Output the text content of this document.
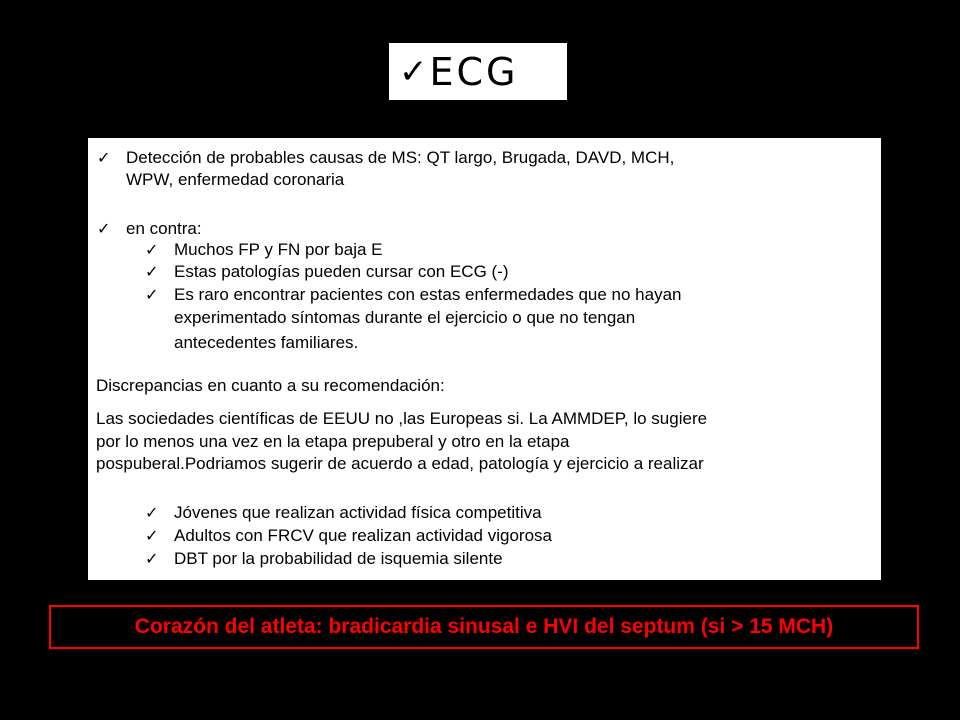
✓ ECG
✓ Detección de probables causas de MS: QT largo, Brugada, DAVD, MCH,
WPW, enfermedad coronaria
✓ en contra:
✓ Muchos FP y FN por baja E
✓ Estas patologías pueden cursar con ECG (-)
✓ Es raro encontrar pacientes con estas enfermedades que no hayan
experimentado síntomas durante el ejercicio o que no tengan
antecedentes familiares.
Discrepancias en cuanto a su recomendación:
Las sociedades científicas de EEUU no ,las Europeas si. La AMMDEP, lo sugiere
por lo menos una vez en la etapa prepuberal y otro en la etapa
pospuberal.Podriamos sugerir de acuerdo a edad, patología y ejercicio a realizar
✓ Jóvenes que realizan actividad física competitiva
✓ Adultos con FRCV que realizan actividad vigorosa
✓ DBT por la probabilidad de isquemia silente
Corazón del atleta: bradicardia sinusal e HVI del septum (si > 15 MCH)
